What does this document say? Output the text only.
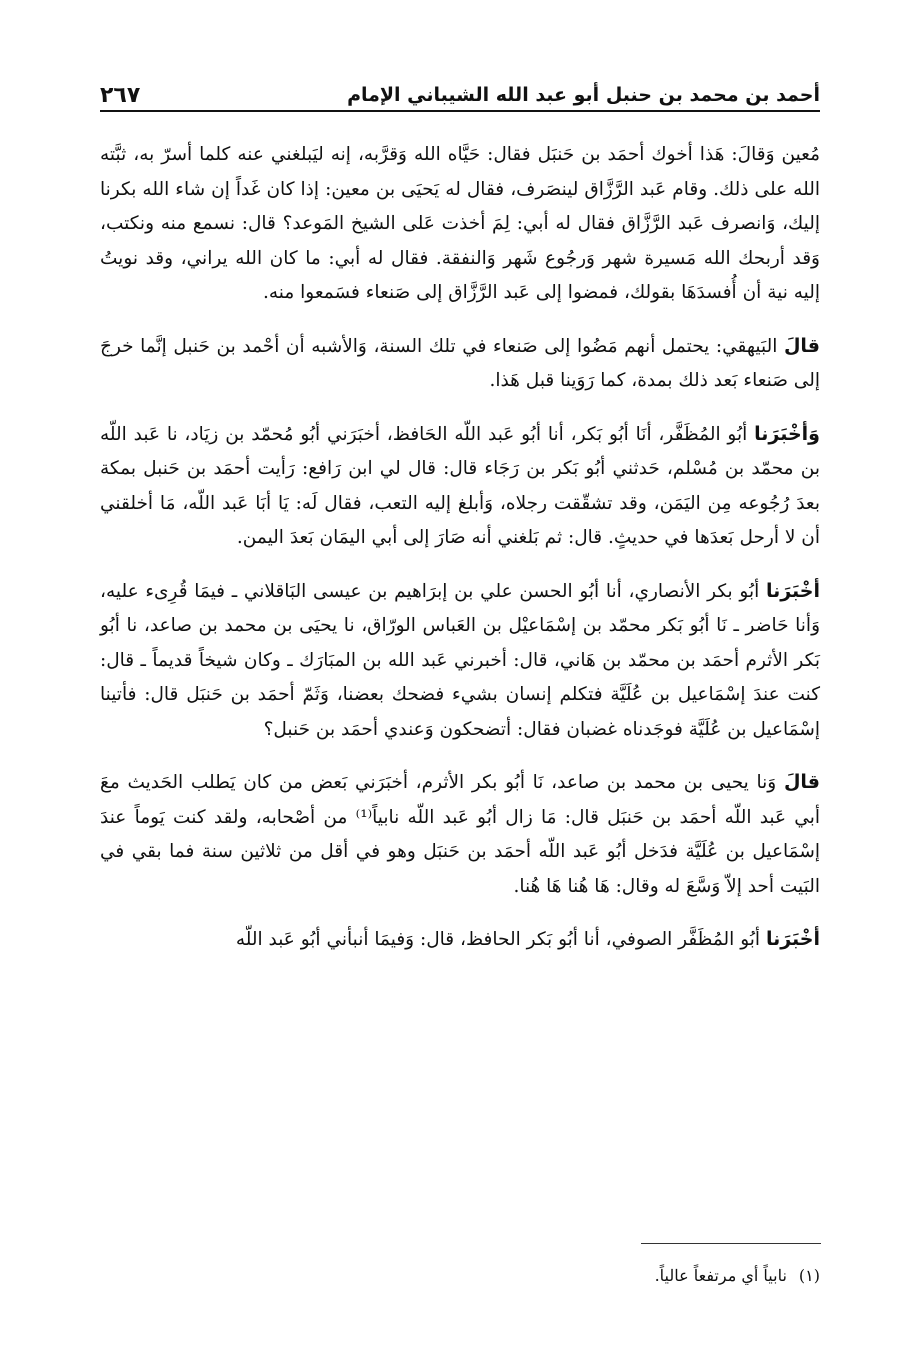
أحمد بن محمد بن حنبل أبو عبد الله الشيباني الإمام
٢٦٧

مُعين وَقالَ: هَذا أخوك أحمَد بن حَنبَل فقال: حَيَّاه الله وَقرَّبه، إنه ليَبلغني عنه كلما أسرّ به، ثبَّته الله على ذلك. وقام عَبد الرَّزَّاق لينصَرف، فقال له يَحيَى بن معين: إذا كان غَداً إن شاء الله بكرنا إليك، وَانصرف عَبد الرَّزَّاق فقال له أبي: لِمَ أخذت عَلى الشيخ المَوعد؟ قال: نسمع منه ونكتب، وَقد أربحك الله مَسيرة شهر وَرجُوع شَهر وَالنفقة. فقال له أبي: ما كان الله يراني، وقد نويتُ إليه نية أن أُفسدَهَا بقولك، فمضوا إلى عَبد الرَّزَّاق إلى صَنعاء فسَمعوا منه.

قالَ البَيهقي: يحتمل أنهم مَضُوا إلى صَنعاء في تلك السنة، وَالأشبه أن أحْمد بن حَنبل إنَّما خرجَ إلى صَنعاء بَعد ذلك بمدة، كما رَوَينا قبل هَذا.

وَأخْبَرَنا أبُو المُظَفَّر، أنَا أبُو بَكر، أنا أبُو عَبد اللّه الحَافظ، أخبَرَني أبُو مُحمّد بن زيَاد، نا عَبد اللّه بن محمّد بن مُسْلم، حَدثني أبُو بَكر بن رَجَاء قال: قال لي ابن رَافع: رَأيت أحمَد بن حَنبل بمكة بعدَ رُجُوعه مِن اليَمَن، وقد تشقّقت رجلاه، وَأبلغ إليه التعب، فقال لَه: يَا أبَا عَبد اللّه، مَا أخلقني أن لا أرحل بَعدَها في حديثٍ. قال: ثم بَلغني أنه صَارَ إلى أبي اليمَان بَعدَ اليمن.

أخْبَرَنا أبُو بكر الأنصاري، أنا أبُو الحسن علي بن إبرَاهيم بن عيسى البَاقلاني ـ فيمَا قُرِىء عليه، وَأنا حَاضر ـ نَا أبُو بَكر محمّد بن إسْمَاعيْل بن العَباس الورّاق، نا يحيَى بن محمد بن صاعد، نا أبُو بَكر الأثرم أحمَد بن محمّد بن هَاني، قال: أخبرني عَبد الله بن المبَارَك ـ وكان شيخاً قديماً ـ قال: كنت عندَ إسْمَاعيل بن عُلَيَّة فتكلم إنسان بشيء فضحك بعضنا، وَثَمّ أحمَد بن حَنبَل قال: فأتينا إسْمَاعيل بن عُلَيَّة فوجَدناه غضبان فقال: أتضحكون وَعندي أحمَد بن حَنبل؟

قالَ وَنا يحيى بن محمد بن صاعد، نَا أبُو بكر الأثرم، أخبَرَني بَعض من كان يَطلب الحَديث معَ أبي عَبد اللّه أحمَد بن حَنبَل قال: مَا زال أبُو عَبد اللّه نابياً⁽¹⁾ من أصْحابه، ولقد كنت يَوماً عندَ إسْمَاعيل بن عُلَيَّة فدَخل أبُو عَبد اللّه أحمَد بن حَنبَل وهو في أقل من ثلاثين سنة فما بقي في البَيت أحد إلاّ وَسَّعَ له وقال: هَا هُنا هَا هُنا.

أخْبَرَنا أبُو المُظَفَّر الصوفي، أنا أبُو بَكر الحافظ، قال: وَفيمَا أنبأني أبُو عَبد اللّه

(١)نابياً أي مرتفعاً عالياً.
